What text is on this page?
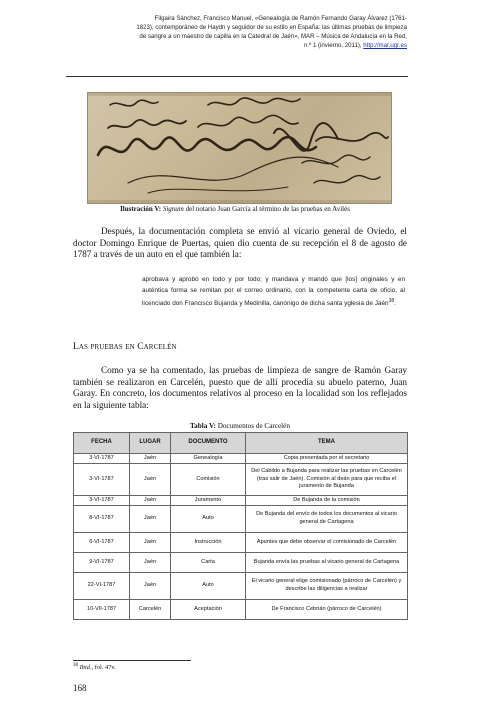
Filgaira Sánchez, Francisco Manuel, «Genealogía de Ramón Fernando Garay Álvarez (1761-
1823), contemporáneo de Haydn y seguidor de su estilo en España: las últimas pruebas de limpieza
de sangre a un maestro de capilla en la Catedral de Jaén», MAR – Música de Andalucía en la Red,
n.º 1 (invierno, 2011), http://mar.ugr.es
Ilustración V: Signum del notario Juan García al término de las pruebas en Avilés

Después, la documentación completa se envió al vicario general de Oviedo, el doctor Domingo Enrique de Puertas, quien dio cuenta de su recepción el 8 de agosto de 1787 a través de un auto en el que también la:

aprobava y aprobó en todo y por todo; y mandava y mandó que [los] originales y en auténtica forma se remitan por el correo ordinario, con la competente carta de oficio, al licenciado don Francisco Bujanda y Medinilla, canónigo de dicha santa yglesia de Jaén$^{38}$.
Las pruebas en Carcelén

Como ya se ha comentado, las pruebas de limpieza de sangre de Ramón Garay también se realizaron en Carcelén, puesto que de allí procedía su abuelo paterno, Juan Garay. En concreto, los documentos relativos al proceso en la localidad son los reflejados en la siguiente tabla:

Tabla V: Documentos de Carcelén
FECHA	LUGAR	DOCUMENTO	TEMA
3-VI-1787	Jaén	Genealogía	Copia presentada por el secretario
3-VI-1787	Jaén	Comisión	Del Cabildo a Bujanda para realizar las pruebas en Carcelén (tras salir de Jaén). Comisión al deán para que reciba el juramento de Bujanda
3-VI-1787	Jaén	Juramento	De Bujanda de la comisión
8-VI-1787	Jaén	Auto	De Bujanda del envío de todos los documentos al vicario general de Cartagena
6-VI-1787	Jaén	Instrucción	Apuntes que debe observar el comisionado de Carcelén
9-VI-1787	Jaén	Carta	Bujanda envía las pruebas al vicario general de Cartagena
22-VI-1787	Jaén	Auto	El vicario general elige comisionado (párroco de Carcelén) y describe las diligencias a realizar
10-VII-1787	Carcelén	Aceptación	De Francisco Cebrián (párroco de Carcelén)
$^{38}$ Ibid., fol. 47v.
168
